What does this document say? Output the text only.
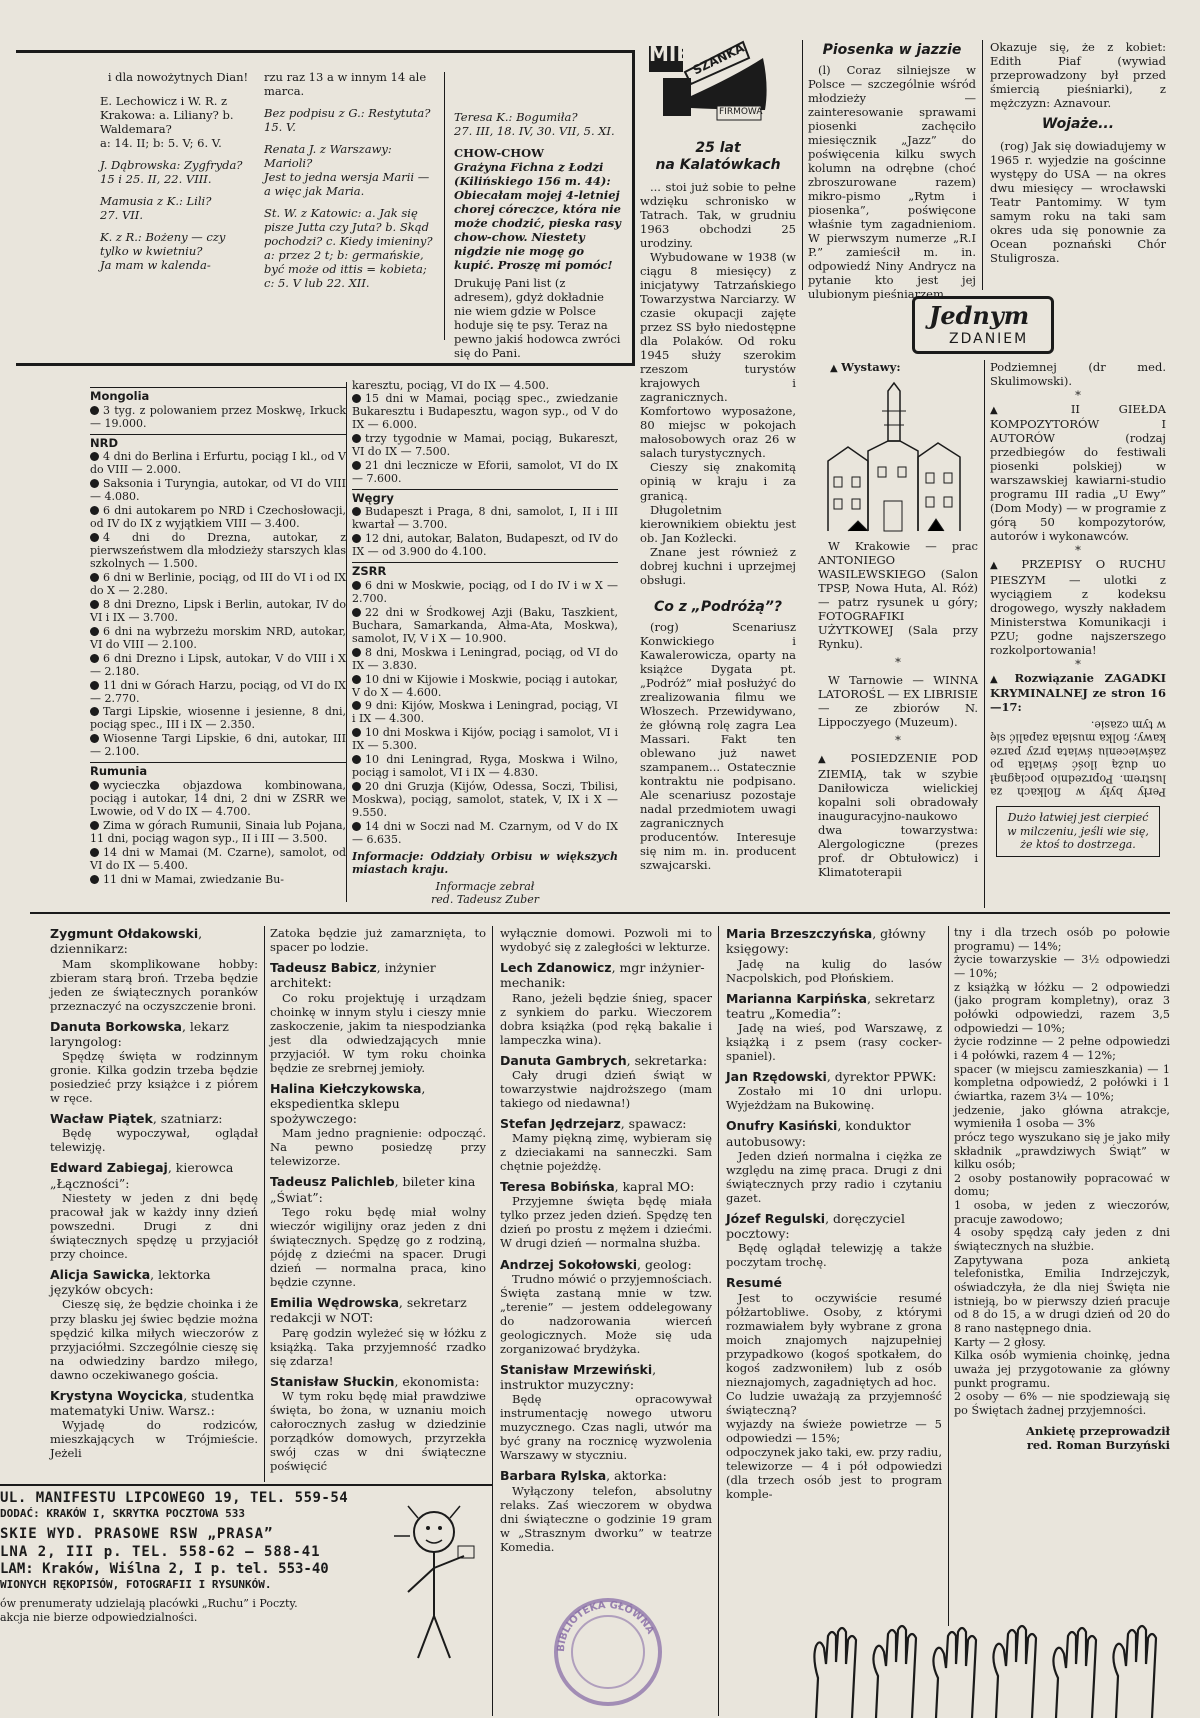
i dla nowożytnych Dian!
E. Lechowicz i W. R. z Krakowa: a. Liliany? b. Waldemara?
a: 14. II; b: 5. V; 6. V.
J. Dąbrowska: Zygfryda?
15 i 25. II, 22. VIII.
Mamusia z K.: Lili?
27. VII.
K. z R.: Bożeny — czy tylko w kwietniu?
Ja mam w kalenda-
rzu raz 13 a w innym 14 ale marca.
Bez podpisu z G.: Restytuta?
15. V.
Renata J. z Warszawy: Marioli?
Jest to jedna wersja Marii — a więc jak Maria.
St. W. z Katowic: a. Jak się pisze Jutta czy Juta? b. Skąd pochodzi? c. Kiedy imieniny?
a: przez 2 t; b: germańskie, być może od ittis = kobieta; c: 5. V lub 22. XII.
Teresa K.: Bogumiła?
27. III, 18. IV, 30. VII, 5. XI.
CHOW-CHOW
Grażyna Fichna z Łodzi (Kilińskiego 156 m. 44): Obiecałam mojej 4-letniej chorej córeczce, która nie może chodzić, pieska rasy chow-chow. Niestety nigdzie nie mogę go kupić. Proszę mi pomóc!
Drukuję Pani list (z adresem), gdyż dokładnie nie wiem gdzie w Polsce hoduje się te psy. Teraz na pewno jakiś hodowca zwróci się do Pani.
Mongolia
3 tyg. z polowaniem przez Moskwę, Irkuck — 19.000.
NRD
4 dni do Berlina i Erfurtu, pociąg I kl., od V do VIII — 2.000.
Saksonia i Turyngia, autokar, od VI do VIII — 4.080.
6 dni autokarem po NRD i Czechosłowacji, od IV do IX z wyjątkiem VIII — 3.400.
4 dni do Drezna, autokar, z pierwszeństwem dla młodzieży starszych klas szkolnych — 1.500.
6 dni w Berlinie, pociąg, od III do VI i od IX do X — 2.280.
8 dni Drezno, Lipsk i Berlin, autokar, IV do VI i IX — 3.700.
6 dni na wybrzeżu morskim NRD, autokar, VI do VIII — 2.100.
6 dni Drezno i Lipsk, autokar, V do VIII i X — 2.180.
11 dni w Górach Harzu, pociąg, od VI do IX — 2.770.
Targi Lipskie, wiosenne i jesienne, 8 dni, pociąg spec., III i IX — 2.350.
Wiosenne Targi Lipskie, 6 dni, autokar, III — 2.100.
Rumunia
wycieczka objazdowa kombinowana, pociąg i autokar, 14 dni, 2 dni w ZSRR we Lwowie, od V do IX — 4.700.
Zima w górach Rumunii, Sinaia lub Pojana, 11 dni, pociąg wagon syp., II i III — 3.500.
14 dni w Mamai (M. Czarne), samolot, od VI do IX — 5.400.
11 dni w Mamai, zwiedzanie Bu-
karesztu, pociąg, VI do IX — 4.500.
15 dni w Mamai, pociąg spec., zwiedzanie Bukaresztu i Budapesztu, wagon syp., od V do IX — 6.000.
trzy tygodnie w Mamai, pociąg, Bukareszt, VI do IX — 7.500.
21 dni lecznicze w Eforii, samolot, VI do IX — 7.600.
Węgry
Budapeszt i Praga, 8 dni, samolot, I, II i III kwartał — 3.700.
12 dni, autokar, Balaton, Budapeszt, od IV do IX — od 3.900 do 4.100.
ZSRR
6 dni w Moskwie, pociąg, od I do IV i w X — 2.700.
22 dni w Środkowej Azji (Baku, Taszkient, Buchara, Samarkanda, Ałma-Ata, Moskwa), samolot, IV, V i X — 10.900.
8 dni, Moskwa i Leningrad, pociąg, od VI do IX — 3.830.
10 dni w Kijowie i Moskwie, pociąg i autokar, V do X — 4.600.
9 dni: Kijów, Moskwa i Leningrad, pociąg, VI i IX — 4.300.
10 dni Moskwa i Kijów, pociąg i samolot, VI i IX — 5.300.
10 dni Leningrad, Ryga, Moskwa i Wilno, pociąg i samolot, VI i IX — 4.830.
20 dni Gruzja (Kijów, Odessa, Soczi, Tbilisi, Moskwa), pociąg, samolot, statek, V, IX i X — 9.550.
14 dni w Soczi nad M. Czarnym, od V do IX — 6.635.
Informacje: Oddziały Orbisu w większych miastach kraju.
Informacje zebrał
red. Tadeusz Zuber
MIE-
SZANKA
FIRMOWA
25 lat
na Kalatówkach
... stoi już sobie to pełne wdzięku schronisko w Tatrach. Tak, w grudniu 1963 obchodzi 25 urodziny.
Wybudowane w 1938 (w ciągu 8 miesięcy) z inicjatywy Tatrzańskiego Towarzystwa Narciarzy. W czasie okupacji zajęte przez SS było niedostępne dla Polaków. Od roku 1945 służy szerokim rzeszom turystów krajowych i zagranicznych. Komfortowo wyposażone, 80 miejsc w pokojach małosobowych oraz 26 w salach turystycznych.
Cieszy się znakomitą opinią w kraju i za granicą.
Długoletnim kierownikiem obiektu jest ob. Jan Kożlecki.
Znane jest również z dobrej kuchni i uprzejmej obsługi.
Co z „Podróżą”?
(rog) Scenariusz Konwickiego i Kawalerowicza, oparty na książce Dygata pt. „Podróż” miał posłużyć do zrealizowania filmu we Włoszech. Przewidywano, że główną rolę zagra Lea Massari. Fakt ten oblewano już nawet szampanem... Ostatecznie kontraktu nie podpisano. Ale scenariusz pozostaje nadal przedmiotem uwagi zagranicznych producentów. Interesuje się nim m. in. producent szwajcarski.
Piosenka w jazzie
(l) Coraz silniejsze w Polsce — szczególnie wśród młodzieży — zainteresowanie sprawami piosenki zachęciło miesięcznik „Jazz” do poświęcenia kilku swych kolumn na odrębne (choć zbroszurowane razem) mikro-pismo „Rytm i piosenka”, poświęcone właśnie tym zagadnieniom. W pierwszym numerze „R.I P.” zamieścił m. in. odpowiedź Niny Andrycz na pytanie kto jest jej ulubionym pieśniarzem.
Okazuje się, że z kobiet: Edith Piaf (wywiad przeprowadzony był przed śmiercią pieśniarki), z mężczyzn: Aznavour.
Wojaże...
(rog) Jak się dowiadujemy w 1965 r. wyjedzie na gościnne występy do USA — na okres dwu miesięcy — wrocławski Teatr Pantomimy. W tym samym roku na taki sam okres uda się ponownie za Ocean poznański Chór Stuligrosza.
Jednym
ZDANIEM
▲ Wystawy:
W Krakowie — prac ANTONIEGO WASILEWSKIEGO (Salon TPSP, Nowa Huta, Al. Róż) — patrz rysunek u góry; FOTOGRAFIKI UŻYTKOWEJ (Sala przy Rynku).
*
W Tarnowie — WINNA LATOROŚL — EX LIBRISIE — ze zbiorów N. Lippoczyego (Muzeum).
*
▲ POSIEDZENIE POD ZIEMIĄ, tak w szybie Daniłowicza wielickiej kopalni soli obradowały inauguracyjno-naukowo dwa towarzystwa: Alergologiczne (prezes prof. dr Obtułowicz) i Klimatoterapii
Podziemnej (dr med. Skulimowski).
*
▲ II GIEŁDA KOMPOZYTORÓW I AUTORÓW (rodzaj przedbiegów do festiwali piosenki polskiej) w warszawskiej kawiarni-studio programu III radia „U Ewy” (Dom Mody) — w programie z górą 50 kompozytorów, autorów i wykonawców.
*
▲ PRZEPISY O RUCHU PIESZYM — ulotki z wyciągiem z kodeksu drogowego, wyszły nakładem Ministerstwa Komunikacji i PZU; godne najszerszego rozkolportowania!
*
▲ Rozwiązanie ZAGADKI KRYMINALNEJ ze stron 16—17:
Perły były w fiolkach za lustrem. Poprzednio pociągnął on dużą ilość światła po zaświeceniu świata przy parze kawy; fiolka musiała zapalić się w tym czasie.
Dużo łatwiej jest cierpieć w milczeniu, jeśli wie się, że ktoś to dostrzega.
Zygmunt Ołdakowski, dziennikarz:
Mam skomplikowane hobby: zbieram starą broń. Trzeba będzie jeden ze świątecznych poranków przeznaczyć na oczyszczenie broni.
Danuta Borkowska, lekarz laryngolog:
Spędzę święta w rodzinnym gronie. Kilka godzin trzeba będzie posiedzieć przy książce i z piórem w ręce.
Wacław Piątek, szatniarz:
Będę wypoczywał, oglądał telewizję.
Edward Zabiegaj, kierowca „Łączności”:
Niestety w jeden z dni będę pracował jak w każdy inny dzień powszedni. Drugi z dni świątecznych spędzę u przyjaciół przy choince.
Alicja Sawicka, lektorka języków obcych:
Cieszę się, że będzie choinka i że przy blasku jej świec będzie można spędzić kilka miłych wieczorów z przyjaciółmi. Szczególnie cieszę się na odwiedziny bardzo miłego, dawno oczekiwanego gościa.
Krystyna Woycicka, studentka matematyki Uniw. Warsz.:
Wyjadę do rodziców, mieszkających w Trójmieście. Jeżeli
Zatoka będzie już zamarznięta, to spacer po lodzie.
Tadeusz Babicz, inżynier architekt:
Co roku projektuję i urządzam choinkę w innym stylu i cieszy mnie zaskoczenie, jakim ta niespodzianka jest dla odwiedzających mnie przyjaciół. W tym roku choinka będzie ze srebrnej jemioły.
Halina Kiełczykowska, ekspedientka sklepu spożywczego:
Mam jedno pragnienie: odpocząć. Na pewno posiedzę przy telewizorze.
Tadeusz Palichleb, bileter kina „Świat”:
Tego roku będę miał wolny wieczór wigilijny oraz jeden z dni świątecznych. Spędzę go z rodziną, pójdę z dziećmi na spacer. Drugi dzień — normalna praca, kino będzie czynne.
Emilia Wędrowska, sekretarz redakcji w NOT:
Parę godzin wyleżeć się w łóżku z książką. Taka przyjemność rzadko się zdarza!
Stanisław Słuckin, ekonomista:
W tym roku będę miał prawdziwe święta, bo żona, w uznaniu moich całorocznych zasług w dziedzinie porządków domowych, przyrzekła swój czas w dni świąteczne poświęcić
wyłącznie domowi. Pozwoli mi to wydobyć się z zaległości w lekturze.
Lech Zdanowicz, mgr inżynier-mechanik:
Rano, jeżeli będzie śnieg, spacer z synkiem do parku. Wieczorem dobra książka (pod ręką bakalie i lampeczka wina).
Danuta Gambrych, sekretarka:
Cały drugi dzień świąt w towarzystwie najdroższego (mam takiego od niedawna!)
Stefan Jędrzejarz, spawacz:
Mamy piękną zimę, wybieram się z dzieciakami na sanneczki. Sam chętnie pojeżdżę.
Teresa Bobińska, kapral MO:
Przyjemne święta będę miała tylko przez jeden dzień. Spędzę ten dzień po prostu z mężem i dziećmi. W drugi dzień — normalna służba.
Andrzej Sokołowski, geolog:
Trudno mówić o przyjemnościach. Święta zastaną mnie w tzw. „terenie” — jestem oddelegowany do nadzorowania wierceń geologicznych. Może się uda zorganizować brydżyka.
Stanisław Mrzewiński, instruktor muzyczny:
Będę opracowywał instrumentację nowego utworu muzycznego. Czas nagli, utwór ma być grany na rocznicę wyzwolenia Warszawy w styczniu.
Barbara Rylska, aktorka:
Wyłączony telefon, absolutny relaks. Zaś wieczorem w obydwa dni świąteczne o godzinie 19 gram w „Strasznym dworku” w teatrze Komedia.
Maria Brzeszczyńska, główny księgowy:
Jadę na kulig do lasów Nacpolskich, pod Płońskiem.
Marianna Karpińska, sekretarz teatru „Komedia”:
Jadę na wieś, pod Warszawę, z książką i z psem (rasy cocker-spaniel).
Jan Rzędowski, dyrektor PPWK:
Zostało mi 10 dni urlopu. Wyjeżdżam na Bukowinę.
Onufry Kasiński, konduktor autobusowy:
Jeden dzień normalna i ciężka ze względu na zimę praca. Drugi z dni świątecznych przy radio i czytaniu gazet.
Józef Regulski, doręczyciel pocztowy:
Będę oglądał telewizję a także poczytam trochę.
Resumé
Jest to oczywiście resumé półżartobliwe. Osoby, z którymi rozmawiałem były wybrane z grona moich znajomych najzupełniej przypadkowo (kogoś spotkałem, do kogoś zadzwoniłem) lub z osób nieznajomych, zagadniętych ad hoc.
Co ludzie uważają za przyjemność świąteczną?
wyjazdy na świeże powietrze — 5 odpowiedzi — 15%;
odpoczynek jako taki, ew. przy radiu, telewizorze — 4 i pół odpowiedzi (dla trzech osób jest to program komple-
tny i dla trzech osób po połowie programu) — 14%;
życie towarzyskie — 3½ odpowiedzi — 10%;
z książką w łóżku — 2 odpowiedzi (jako program kompletny), oraz 3 połówki odpowiedzi, razem 3,5 odpowiedzi — 10%;
życie rodzinne — 2 pełne odpowiedzi i 4 połówki, razem 4 — 12%;
spacer (w miejscu zamieszkania) — 1 kompletna odpowiedź, 2 połówki i 1 ćwiartka, razem 3¼ — 10%;
jedzenie, jako główna atrakcje, wymieniła 1 osoba — 3%
prócz tego wyszukano się je jako miły składnik „prawdziwych Świąt” w kilku osób;
2 osoby postanowiły popracować w domu;
1 osoba, w jeden z wieczorów, pracuje zawodowo;
4 osoby spędzą cały jeden z dni świątecznych na służbie.
Zapytywana poza ankietą telefonistka, Emilia Indrzejczyk, oświadczyła, że dla niej Święta nie istnieją, bo w pierwszy dzień pracuje od 8 do 15, a w drugi dzień od 20 do 8 rano następnego dnia.
Karty — 2 głosy.
Kilka osób wymienia choinkę, jedna uważa jej przygotowanie za główny punkt programu.
2 osoby — 6% — nie spodziewają się po Świętach żadnej przyjemności.
Ankietę przeprowadził
red. Roman Burzyński
UL. MANIFESTU LIPCOWEGO 19, TEL. 559-54
DODAĆ: KRAKÓW I, SKRYTKA POCZTOWA 533
SKIE WYD. PRASOWE RSW „PRASA”
LNA 2, III p. TEL. 558-62 — 588-41
LAM: Kraków, Wiślna 2, I p. tel. 553-40
WIONYCH RĘKOPISÓW, FOTOGRAFII I RYSUNKÓW.
ów prenumeraty udzielają placówki „Ruchu” i Poczty.
akcja nie bierze odpowiedzialności.
BIBLIOTEKA GŁÓWNA
